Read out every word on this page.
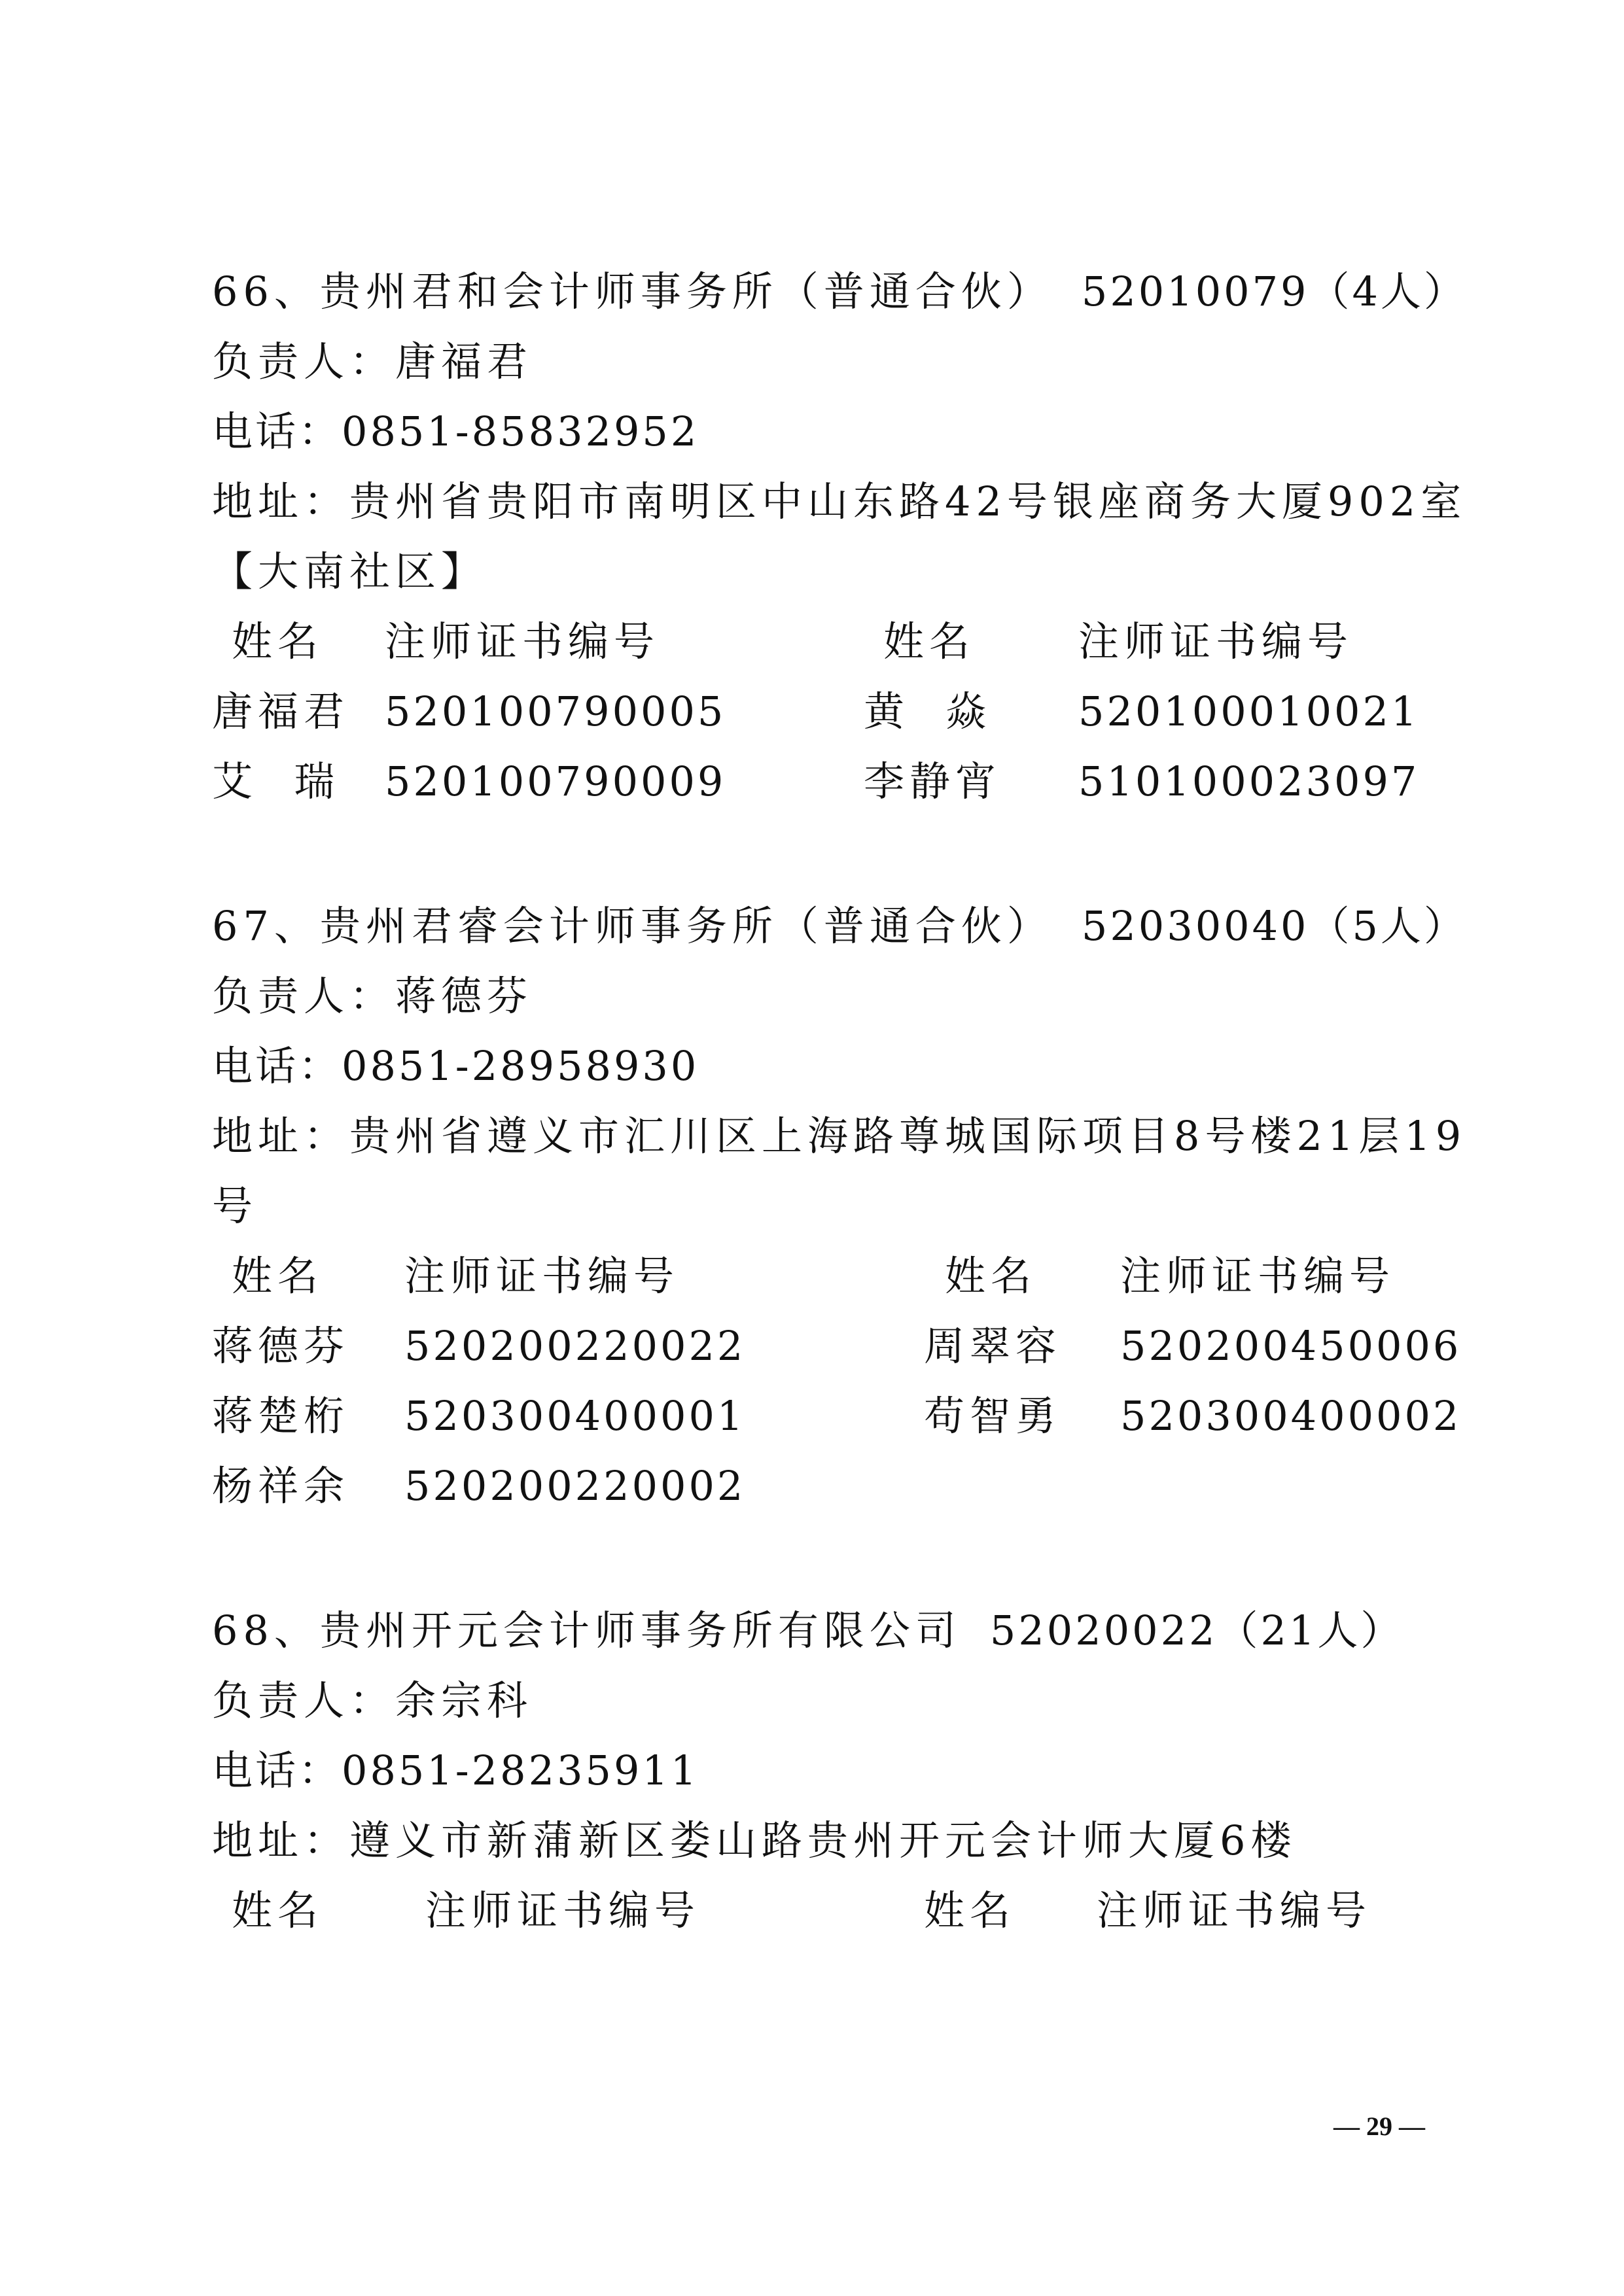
66、贵州君和会计师事务所（普通合伙） 52010079（4人）
负责人：唐福君
电话：0851-85832952
地址：贵州省贵阳市南明区中山东路42号银座商务大厦902室
【大南社区】
姓名 注师证书编号	姓名	注师证书编号
唐福君 520100790005	黄  焱 520100010021
艾  瑞 520100790009	李静宵 510100023097
67、贵州君睿会计师事务所（普通合伙） 52030040（5人）
负责人：蒋德芬
电话：0851-28958930
地址：贵州省遵义市汇川区上海路尊城国际项目8号楼21层19
号
姓名 注师证书编号	姓名 注师证书编号
蒋德芬 520200220022	周翠容 520200450006
蒋楚桁 520300400001	苟智勇 520300400002
杨祥余 520200220002
68、贵州开元会计师事务所有限公司 52020022（21人）
负责人：余宗科
电话：0851-28235911
地址：遵义市新蒲新区娄山路贵州开元会计师大厦6楼
姓名	注师证书编号	姓名 注师证书编号
— 29 —
